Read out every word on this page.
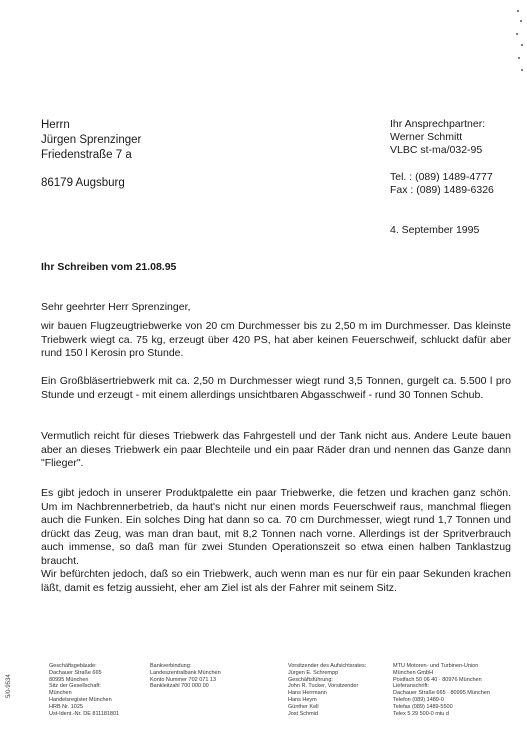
Herrn
Jürgen Sprenzinger
Friedenstraße 7 a
86179 Augsburg
Ihr Ansprechpartner:
Werner Schmitt
VLBC st-ma/032-95
Tel. : (089) 1489-4777
Fax : (089) 1489-6326
4. September 1995
Ihr Schreiben vom 21.08.95
Sehr geehrter Herr Sprenzinger,

wir bauen Flugzeugtriebwerke von 20 cm Durchmesser bis zu 2,50 m im Durchmesser. Das kleinste Triebwerk wiegt ca. 75 kg, erzeugt über 420 PS, hat aber keinen Feuerschweif, schluckt dafür aber rund 150 l Kerosin pro Stunde.

Ein Großbläsertriebwerk mit ca. 2,50 m Durchmesser wiegt rund 3,5 Tonnen, gurgelt ca. 5.500 l pro Stunde und erzeugt - mit einem allerdings unsichtbaren Abgasschweif - rund 30 Tonnen Schub.

Vermutlich reicht für dieses Triebwerk das Fahrgestell und der Tank nicht aus. Andere Leute bauen aber an dieses Triebwerk ein paar Blechteile und ein paar Räder dran und nennen das Ganze dann "Flieger".

Es gibt jedoch in unserer Produktpalette ein paar Triebwerke, die fetzen und krachen ganz schön. Um im Nachbrennerbetrieb, da haut's nicht nur einen mords Feuerschweif raus, manchmal fliegen auch die Funken. Ein solches Ding hat dann so ca. 70 cm Durchmesser, wiegt rund 1,7 Tonnen und drückt das Zeug, was man dran baut, mit 8,2 Tonnen nach vorne. Allerdings ist der Spritverbrauch auch immense, so daß man für zwei Stunden Operationszeit so etwa einen halben Tanklastzug braucht.

Wir befürchten jedoch, daß so ein Triebwerk, auch wenn man es nur für ein paar Sekunden krachen läßt, damit es fetzig aussieht, eher am Ziel ist als der Fahrer mit seinem Sitz.

Geschäftsgebäude:
Dachauer Straße 665
80995 München
Sitz der Gesellschaft:
München
Handelsregister München
HRB Nr. 1025
Ust-Ident.-Nr. DE 811181801
Bankverbindung:
Landeszentralbank München
Konto Nummer 702 071 13
Bankleitzahl 700 000 00
Vorsitzender des Aufsichtsrates:
Jürgen E. Schrempp
Geschäftsführung:
John R. Tucker, Vorsitzender
Hans Herrmann
Hans Heym
Günther Kell
Jost Schmid
MTU Motoren- und Turbinen-Union
München GmbH
Postfach 50 06 40 · 80976 München
Lieferanschrift:
Dachauer Straße 665 · 80995 München
Telefon (089) 1489-0
Telefax (089) 1489-5500
Telex 5 29 500-0 mtu d
5/0-9534
